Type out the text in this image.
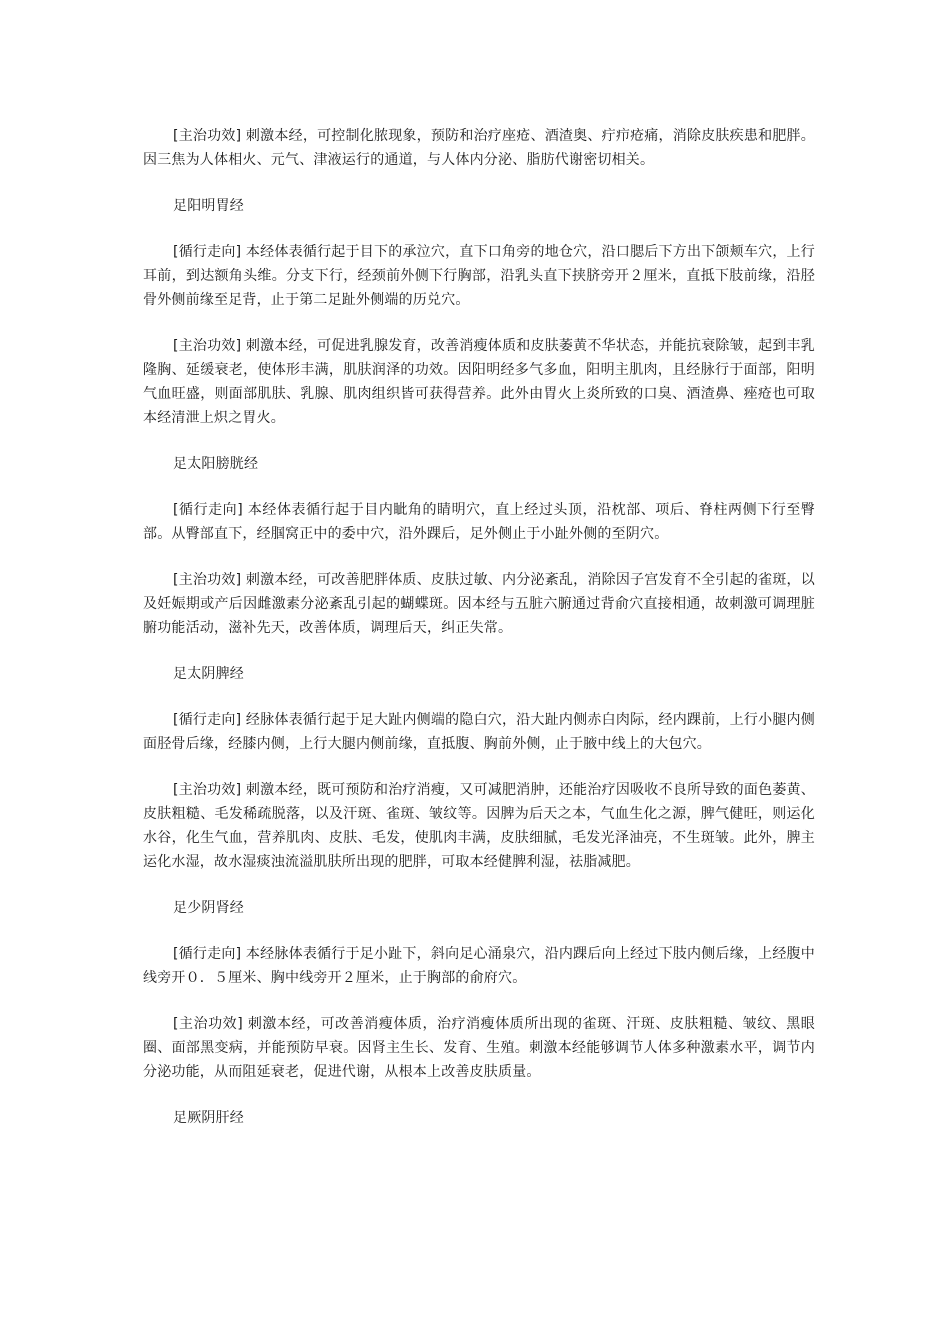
[主治功效] 刺激本经，可控制化脓现象，预防和治疗座疮、酒渣奥、疔疖疮痛，消除皮肤疾患和肥胖。因三焦为人体相火、元气、津液运行的通道，与人体内分泌、脂肪代谢密切相关。

足阳明胃经

[循行走向] 本经体表循行起于目下的承泣穴，直下口角旁的地仓穴，沿口腮后下方出下颌颊车穴，上行耳前，到达额角头维。分支下行，经颈前外侧下行胸部，沿乳头直下挟脐旁开２厘米，直抵下肢前缘，沿胫骨外侧前缘至足背，止于第二足趾外侧端的历兑穴。

[主治功效] 刺激本经，可促进乳腺发育，改善消瘦体质和皮肤萎黄不华状态，并能抗衰除皱，起到丰乳隆胸、延缓衰老，使体形丰满，肌肤润泽的功效。因阳明经多气多血，阳明主肌肉，且经脉行于面部，阳明气血旺盛，则面部肌肤、乳腺、肌肉组织皆可获得营养。此外由胃火上炎所致的口臭、酒渣鼻、痤疮也可取本经清泄上炽之胃火。

足太阳膀胱经

[循行走向] 本经体表循行起于目内眦角的睛明穴，直上经过头顶，沿枕部、项后、脊柱两侧下行至臀部。从臀部直下，经腘窝正中的委中穴，沿外踝后，足外侧止于小趾外侧的至阴穴。

[主治功效] 刺激本经，可改善肥胖体质、皮肤过敏、内分泌紊乱，消除因子宫发育不全引起的雀斑，以及妊娠期或产后因雌激素分泌紊乱引起的蝴蝶斑。因本经与五脏六腑通过背俞穴直接相通，故刺激可调理脏腑功能活动，滋补先天，改善体质，调理后天，纠正失常。

足太阴脾经

[循行走向] 经脉体表循行起于足大趾内侧端的隐白穴，沿大趾内侧赤白肉际，经内踝前，上行小腿内侧面胫骨后缘，经膝内侧，上行大腿内侧前缘，直抵腹、胸前外侧，止于腋中线上的大包穴。

[主治功效] 刺激本经，既可预防和治疗消瘦，又可减肥消肿，还能治疗因吸收不良所导致的面色萎黄、皮肤粗糙、毛发稀疏脱落，以及汗斑、雀斑、皱纹等。因脾为后天之本，气血生化之源，脾气健旺，则运化水谷，化生气血，营养肌肉、皮肤、毛发，使肌肉丰满，皮肤细腻，毛发光泽油亮，不生斑皱。此外，脾主运化水湿，故水湿痰浊流溢肌肤所出现的肥胖，可取本经健脾利湿，祛脂减肥。

足少阴肾经

[循行走向] 本经脉体表循行于足小趾下，斜向足心涌泉穴，沿内踝后向上经过下肢内侧后缘，上经腹中线旁开０．５厘米、胸中线旁开２厘米，止于胸部的俞府穴。

[主治功效] 刺激本经，可改善消瘦体质，治疗消瘦体质所出现的雀斑、汗斑、皮肤粗糙、皱纹、黑眼圈、面部黑变病，并能预防早衰。因肾主生长、发育、生殖。刺激本经能够调节人体多种激素水平，调节内分泌功能，从而阻延衰老，促进代谢，从根本上改善皮肤质量。

足厥阴肝经
